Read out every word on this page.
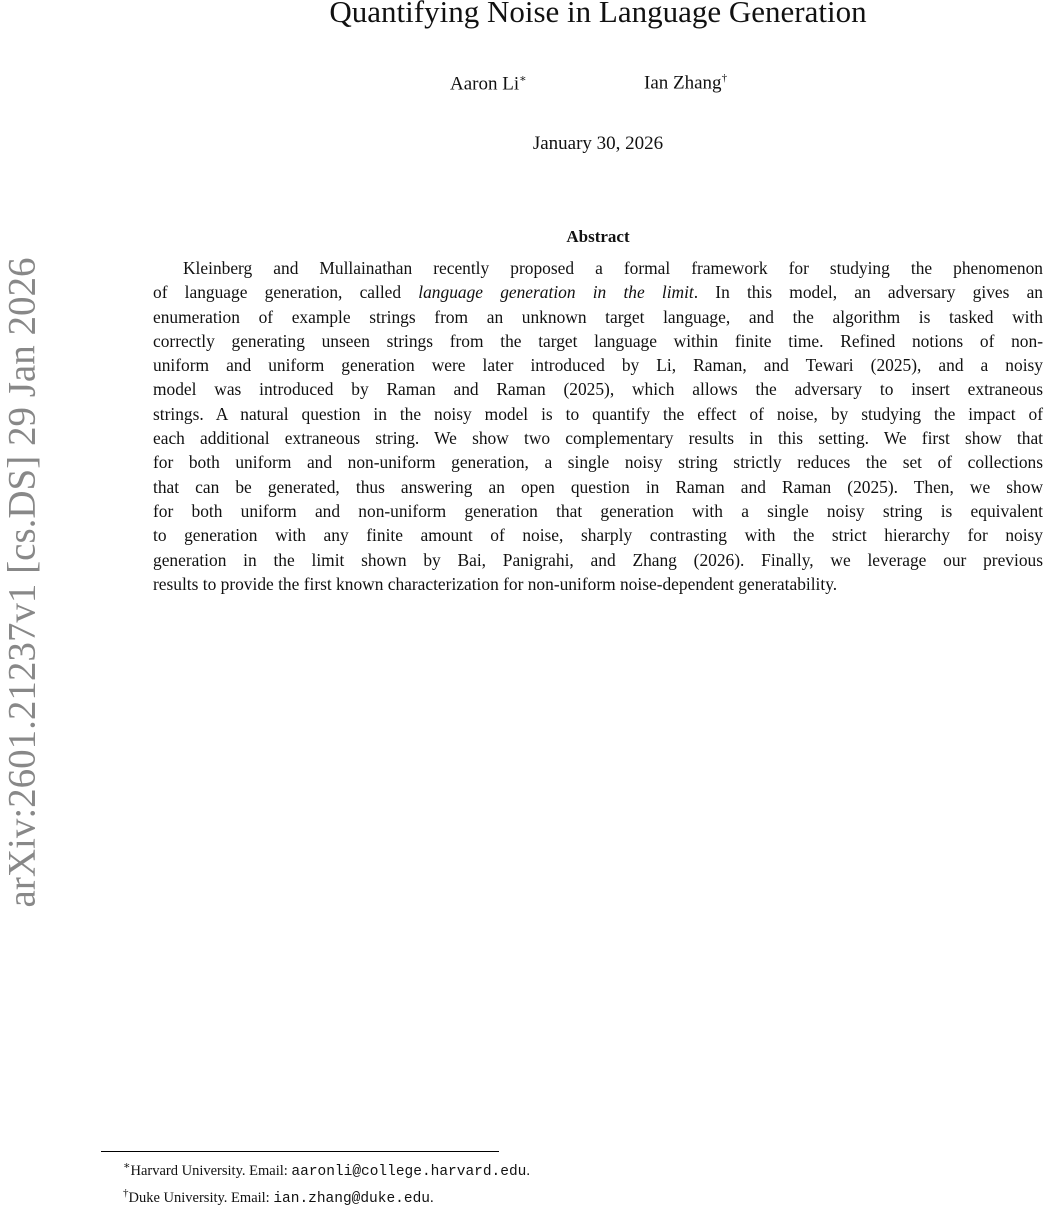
Quantifying Noise in Language Generation
Aaron Li∗	Ian Zhang†
January 30, 2026
Abstract
Kleinberg and Mullainathan recently proposed a formal framework for studying the phenomenon
of language generation, called language generation in the limit. In this model, an adversary gives an
enumeration of example strings from an unknown target language, and the algorithm is tasked with
correctly generating unseen strings from the target language within finite time. Refined notions of non-
uniform and uniform generation were later introduced by Li, Raman, and Tewari (2025), and a noisy
model was introduced by Raman and Raman (2025), which allows the adversary to insert extraneous
strings. A natural question in the noisy model is to quantify the effect of noise, by studying the impact of
each additional extraneous string. We show two complementary results in this setting. We first show that
for both uniform and non-uniform generation, a single noisy string strictly reduces the set of collections
that can be generated, thus answering an open question in Raman and Raman (2025). Then, we show
for both uniform and non-uniform generation that generation with a single noisy string is equivalent
to generation with any finite amount of noise, sharply contrasting with the strict hierarchy for noisy
generation in the limit shown by Bai, Panigrahi, and Zhang (2026). Finally, we leverage our previous
results to provide the first known characterization for non-uniform noise-dependent generatability.
arXiv:2601.21237v1 [cs.DS] 29 Jan 2026
∗Harvard University. Email: aaronli@college.harvard.edu.
†Duke University. Email: ian.zhang@duke.edu.
